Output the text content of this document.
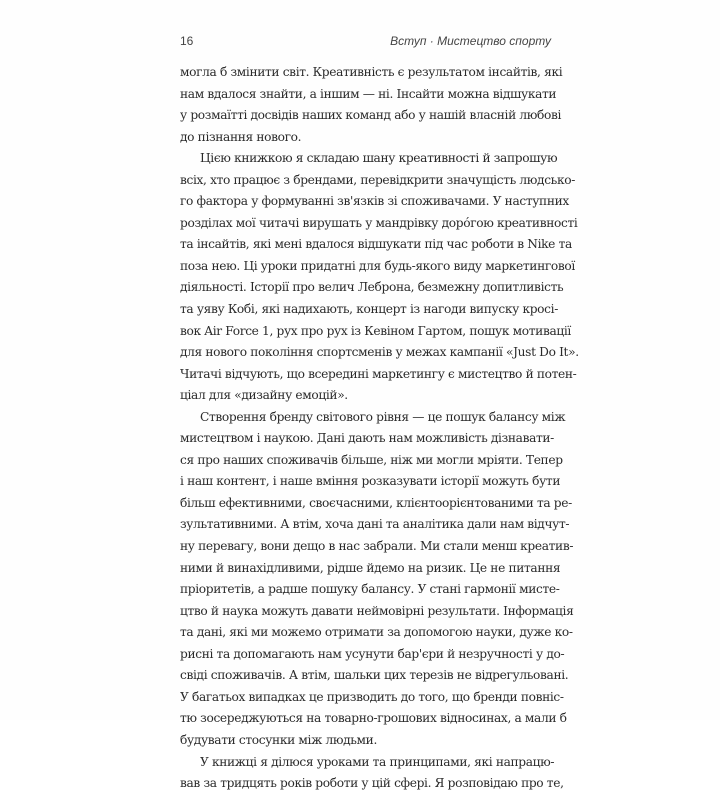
16	Вступ · Мистецтво спорту
могла б змінити світ. Креативність є результатом інсайтів, які
нам вдалося знайти, а іншим — ні. Інсайти можна відшукати
у розмаїтті досвідів наших команд або у нашій власній любові
до пізнання нового.
Цією книжкою я складаю шану креативності й запрошую
всіх, хто працює з брендами, перевідкрити значущість людсько-
го фактора у формуванні зв'язків зі споживачами. У наступних
розділах мої читачі вирушать у мандрівку дорóгою креативності
та інсайтів, які мені вдалося відшукати під час роботи в Nike та
поза нею. Ці уроки придатні для будь-якого виду маркетингової
діяльності. Історії про велич Леброна, безмежну допитливість
та уяву Кобі, які надихають, концерт із нагоди випуску кросі-
вок Air Force 1, рух про рух із Кевіном Гартом, пошук мотивації
для нового покоління спортсменів у межах кампанії «Just Do It».
Читачі відчують, що всередині маркетингу є мистецтво й потен-
ціал для «дизайну емоцій».
Створення бренду світового рівня — це пошук балансу між
мистецтвом і наукою. Дані дають нам можливість дізнавати-
ся про наших споживачів більше, ніж ми могли мріяти. Тепер
і наш контент, і наше вміння розказувати історії можуть бути
більш ефективними, своєчасними, клієнтоорієнтованими та ре-
зультативними. А втім, хоча дані та аналітика дали нам відчут-
ну перевагу, вони дещо в нас забрали. Ми стали менш креатив-
ними й винахідливими, рідше йдемо на ризик. Це не питання
пріоритетів, а радше пошуку балансу. У стані гармонії мисте-
цтво й наука можуть давати неймовірні результати. Інформація
та дані, які ми можемо отримати за допомогою науки, дуже ко-
рисні та допомагають нам усунути бар'єри й незручності у до-
свіді споживачів. А втім, шальки цих терезів не відрегульовані.
У багатьох випадках це призводить до того, що бренди повніс-
тю зосереджуються на товарно-грошових відносинах, а мали б
будувати стосунки між людьми.
У книжці я ділюся уроками та принципами, які напрацю-
вав за тридцять років роботи у цій сфері. Я розповідаю про те,
